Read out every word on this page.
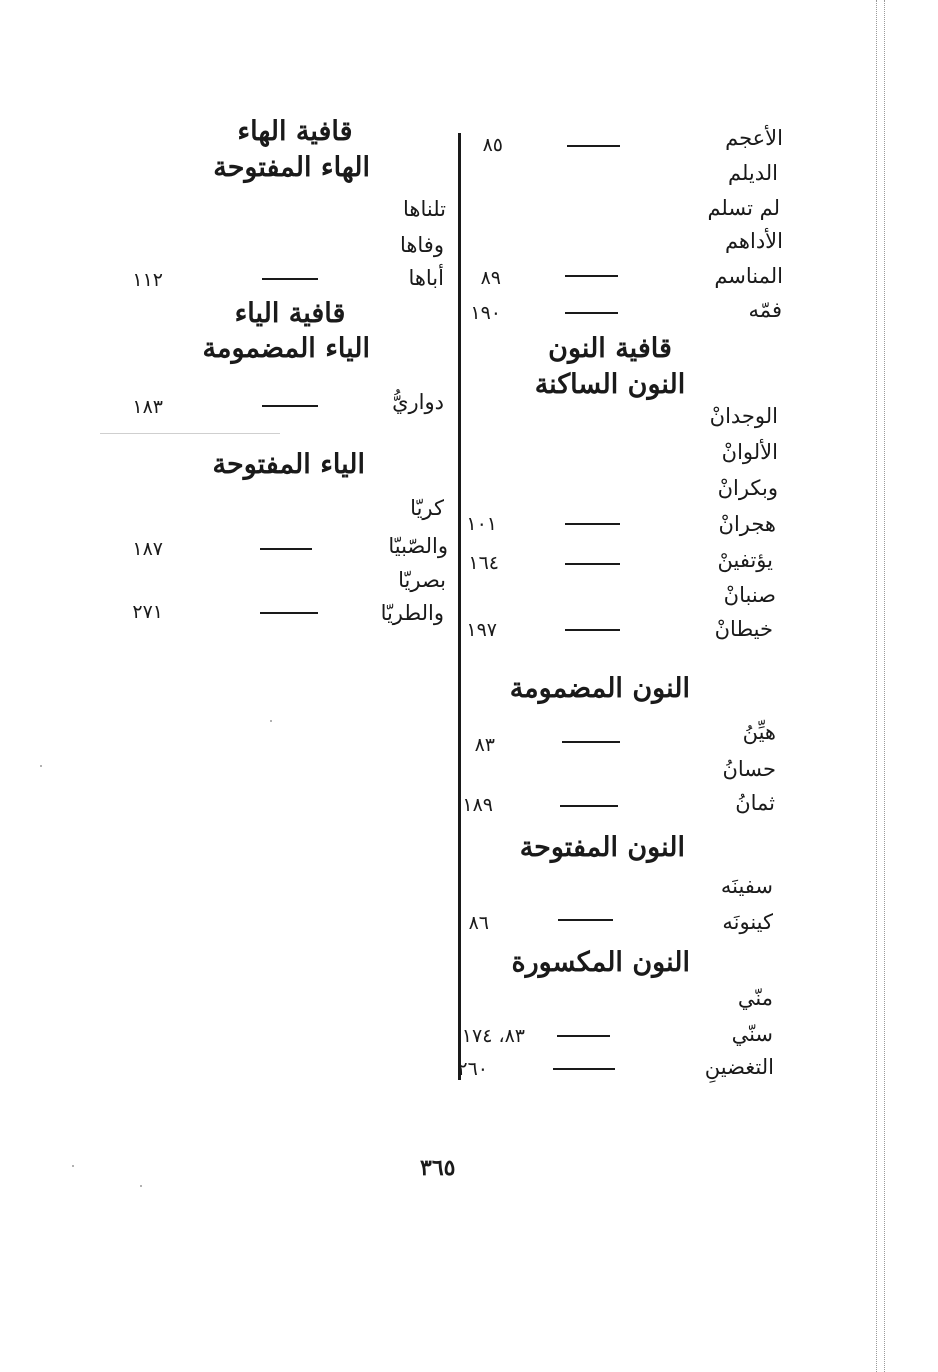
الأعجم
٨٥
الديلم
لم تسلم
الأداهم
المناسم
٨٩
فمّه
١٩٠
قافية النون
النون الساكنة
الوجدانْ
الألوانْ
وبكرانْ
هجرانْ
١٠١
يؤتفينْ
١٦٤
صنبانْ
خيطانْ
١٩٧
النون المضمومة
هيِّنُ
٨٣
حسانُ
ثمانُ
١٨٩
النون المفتوحة
سفينَه
كينونَه
٨٦
النون المكسورة
منّي
سنّي
٨٣، ١٧٤
التغضينِ
٢٦٠
قافية الهاء
الهاء المفتوحة
تلناها
وفاها
أباها
١١٢
قافية الياء
الياء المضمومة
دواريُّ
١٨٣
الياء المفتوحة
كريّا
والصّبيّا
١٨٧
بصريّا
والطريّا
٢٧١
٣٦٥
